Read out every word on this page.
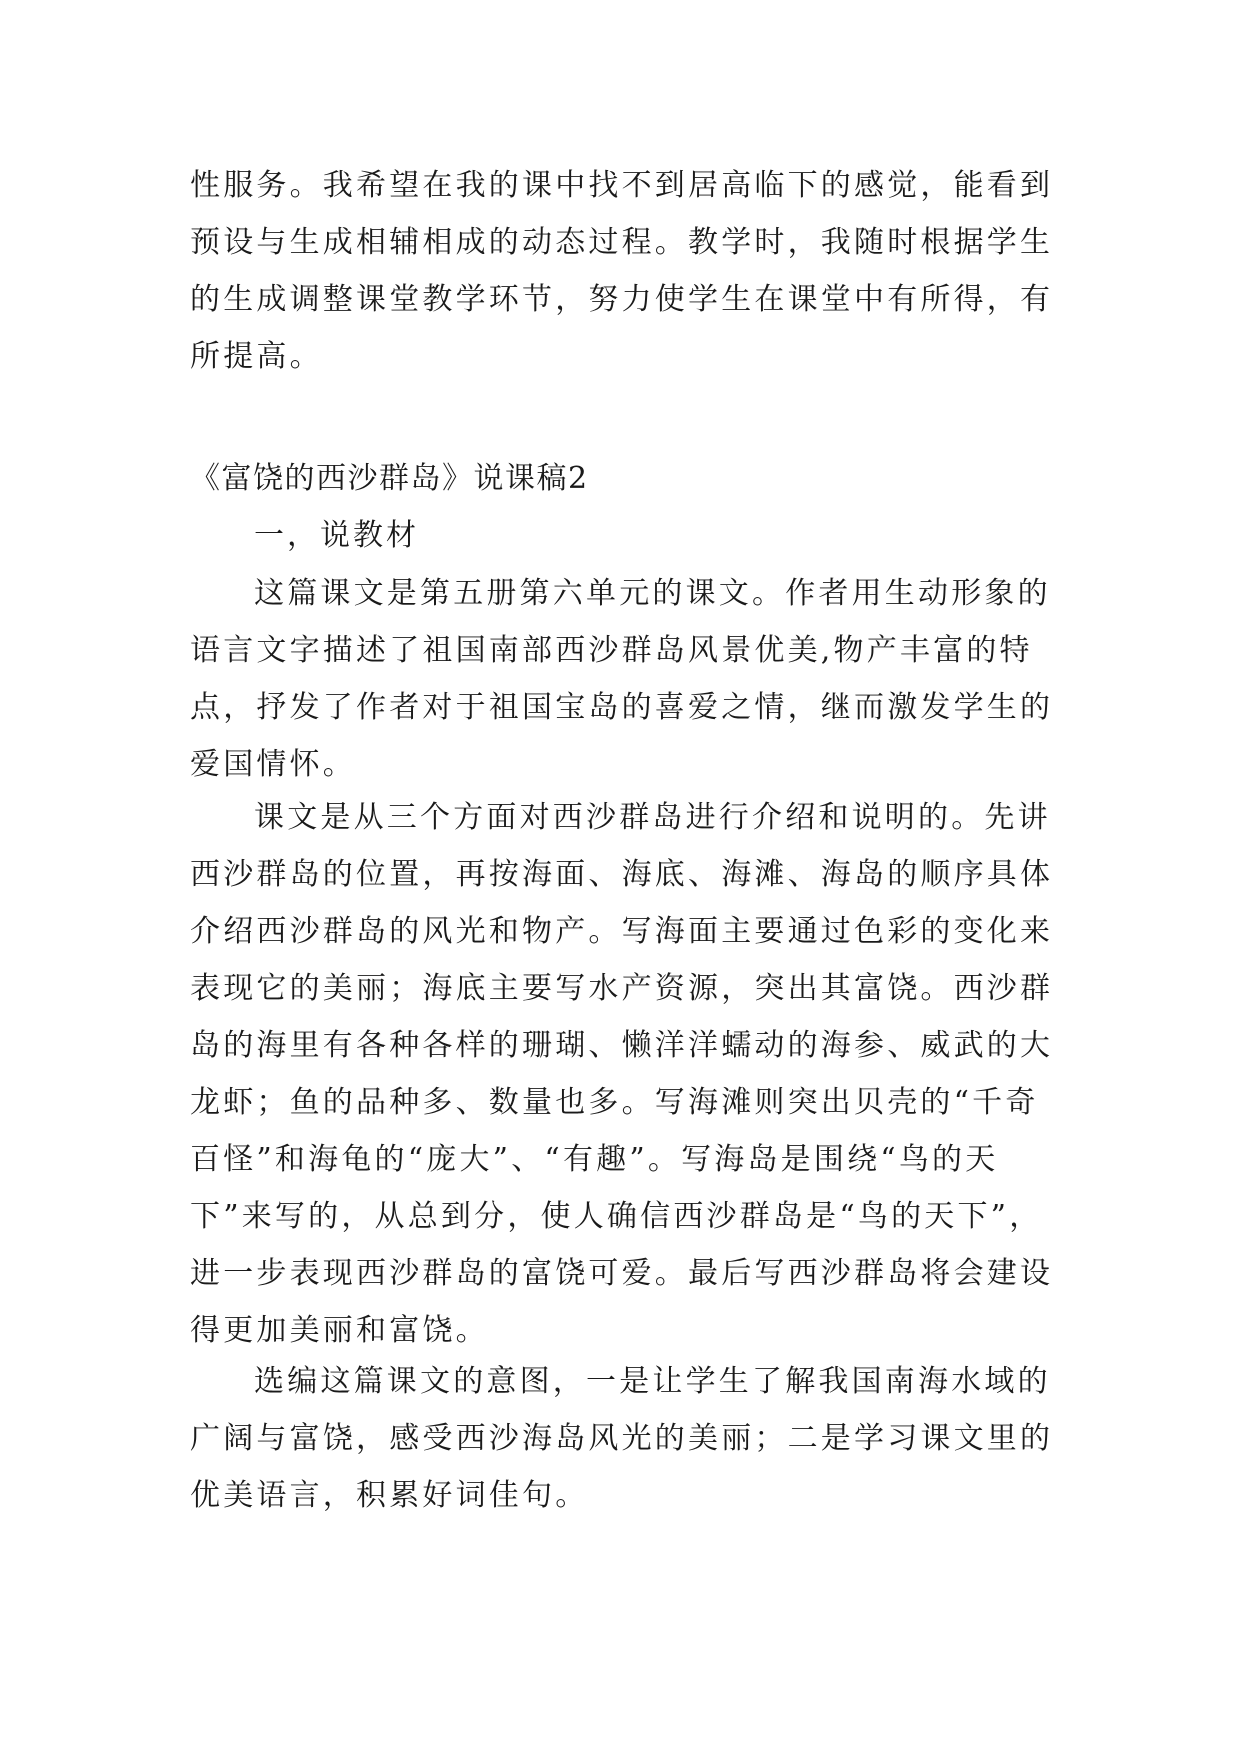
性服务。我希望在我的课中找不到居高临下的感觉，能看到
预设与生成相辅相成的动态过程。教学时，我随时根据学生
的生成调整课堂教学环节，努力使学生在课堂中有所得，有
所提高。
《富饶的西沙群岛》说课稿2
一，说教材
这篇课文是第五册第六单元的课文。作者用生动形象的
语言文字描述了祖国南部西沙群岛风景优美,物产丰富的特
点，抒发了作者对于祖国宝岛的喜爱之情，继而激发学生的
爱国情怀。
课文是从三个方面对西沙群岛进行介绍和说明的。先讲
西沙群岛的位置，再按海面、海底、海滩、海岛的顺序具体
介绍西沙群岛的风光和物产。写海面主要通过色彩的变化来
表现它的美丽；海底主要写水产资源，突出其富饶。西沙群
岛的海里有各种各样的珊瑚、懒洋洋蠕动的海参、威武的大
龙虾；鱼的品种多、数量也多。写海滩则突出贝壳的“千奇
百怪”和海龟的“庞大”、“有趣”。写海岛是围绕“鸟的天
下”来写的，从总到分，使人确信西沙群岛是“鸟的天下”，
进一步表现西沙群岛的富饶可爱。最后写西沙群岛将会建设
得更加美丽和富饶。
选编这篇课文的意图，一是让学生了解我国南海水域的
广阔与富饶，感受西沙海岛风光的美丽；二是学习课文里的
优美语言，积累好词佳句。
